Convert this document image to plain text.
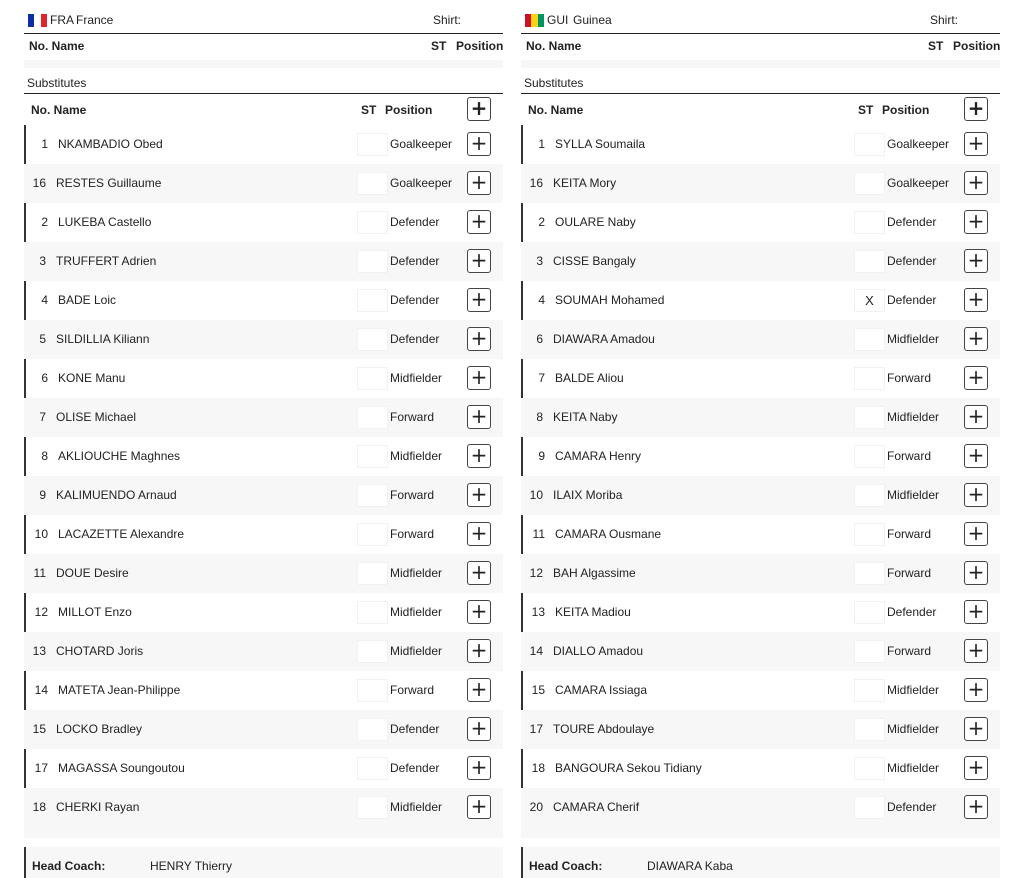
FRA France	Shirt:
No. Name	ST Position
Substitutes
No. Name	ST Position +
1 NKAMBADIO Obed	Goalkeeper +
16 RESTES Guillaume	Goalkeeper +
2 LUKEBA Castello	Defender +
3 TRUFFERT Adrien	Defender +
4 BADE Loic	Defender +
5 SILDILLIA Kiliann	Defender +
6 KONE Manu	Midfielder +
7 OLISE Michael	Forward +
8 AKLIOUCHE Maghnes	Midfielder +
9 KALIMUENDO Arnaud	Forward +
10 LACAZETTE Alexandre	Forward +
11 DOUE Desire	Midfielder +
12 MILLOT Enzo	Midfielder +
13 CHOTARD Joris	Midfielder +
14 MATETA Jean-Philippe	Forward +
15 LOCKO Bradley	Defender +
17 MAGASSA Soungoutou	Defender +
18 CHERKI Rayan	Midfielder +
Head Coach:	HENRY Thierry
GUI Guinea	Shirt:
No. Name	ST Position
Substitutes
No. Name	ST Position +
1 SYLLA Soumaila	Goalkeeper +
16 KEITA Mory	Goalkeeper +
2 OULARE Naby	Defender +
3 CISSE Bangaly	Defender +
4 SOUMAH Mohamed	X	Defender +
6 DIAWARA Amadou	Midfielder +
7 BALDE Aliou	Forward +
8 KEITA Naby	Midfielder +
9 CAMARA Henry	Forward +
10 ILAIX Moriba	Midfielder +
11 CAMARA Ousmane	Forward +
12 BAH Algassime	Forward +
13 KEITA Madiou	Defender +
14 DIALLO Amadou	Forward +
15 CAMARA Issiaga	Midfielder +
17 TOURE Abdoulaye	Midfielder +
18 BANGOURA Sekou Tidiany	Midfielder +
20 CAMARA Cherif	Defender +
Head Coach:	DIAWARA Kaba
